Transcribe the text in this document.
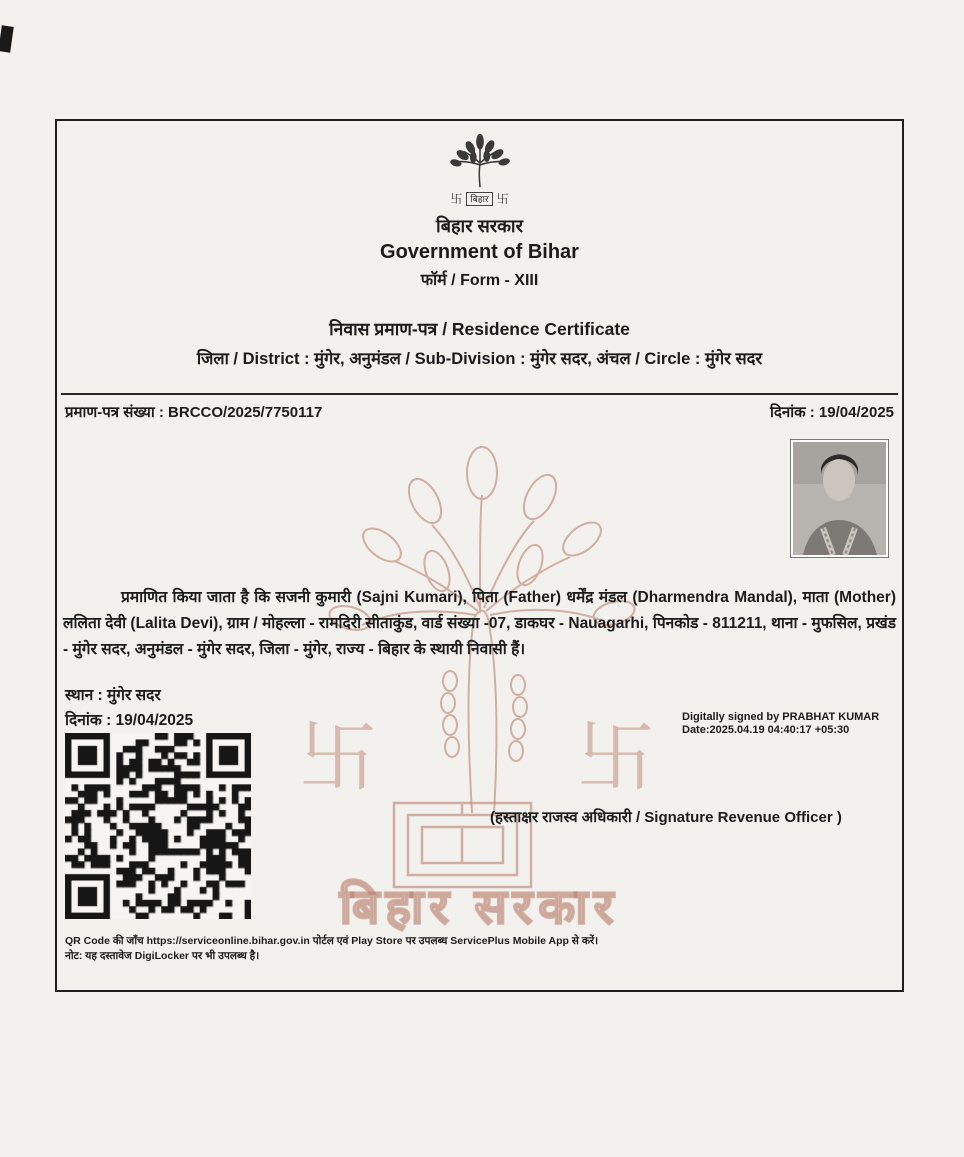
卐	卐
बिहार सरकार
卐 बिहार 卐
बिहार सरकार
Government of Bihar
फॉर्म / Form - XIII
निवास प्रमाण-पत्र / Residence Certificate
जिला / District : मुंगेर, अनुमंडल / Sub-Division : मुंगेर सदर, अंचल / Circle : मुंगेर सदर
प्रमाण-पत्र संख्या : BRCCO/2025/7750117	दिनांक : 19/04/2025

प्रमाणित किया जाता है कि सजनी कुमारी (Sajni Kumari), पिता (Father) धर्मेंद्र मंडल (Dharmendra Mandal), माता (Mother) ललिता देवी (Lalita Devi), ग्राम / मोहल्ला - रामदिरी सीताकुंड, वार्ड संख्या -07, डाकघर - Nauagarhi, पिनकोड - 811211, थाना - मुफसिल, प्रखंड - मुंगेर सदर, अनुमंडल - मुंगेर सदर, जिला - मुंगेर, राज्य - बिहार के स्थायी निवासी हैं।

स्थान : मुंगेर सदर
दिनांक : 19/04/2025	Digitally signed by PRABHAT KUMAR
Date:2025.04.19 04:40:17 +05:30
(हस्ताक्षर राजस्व अधिकारी / Signature Revenue Officer )
QR Code की जाँच https://serviceonline.bihar.gov.in पोर्टल एवं Play Store पर उपलब्ध ServicePlus Mobile App से करें।
नोट: यह दस्तावेज DigiLocker पर भी उपलब्ध है।
